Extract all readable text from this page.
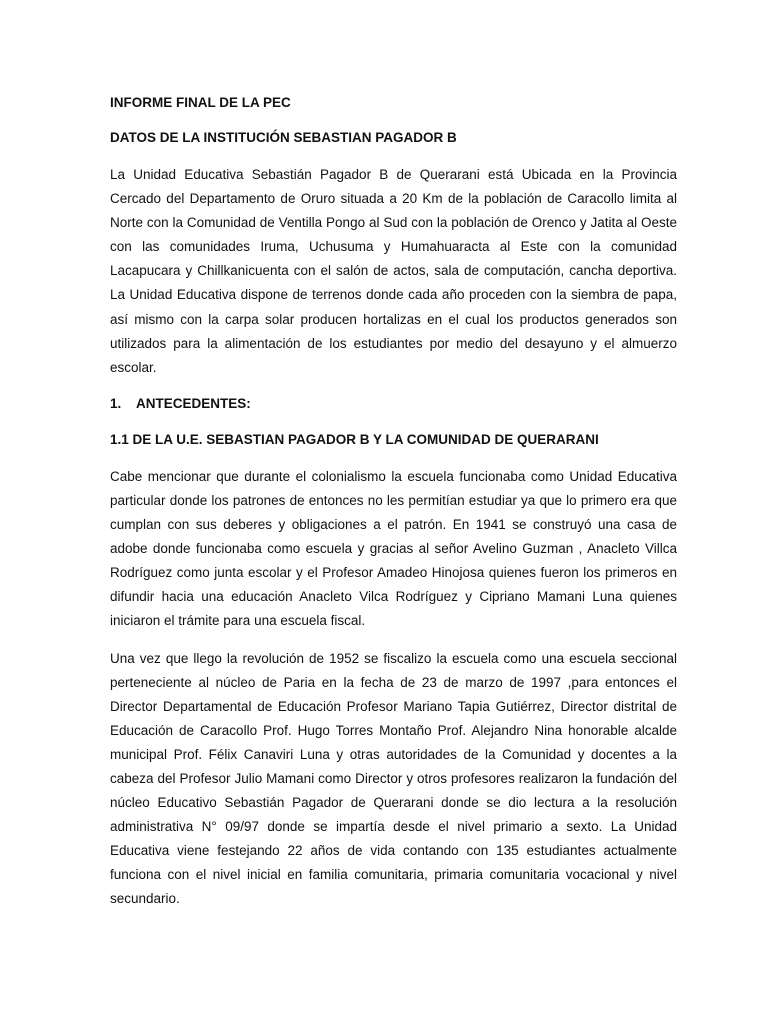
INFORME FINAL DE LA PEC
DATOS DE LA INSTITUCIÓN SEBASTIAN PAGADOR B

La Unidad Educativa Sebastián Pagador B de Querarani está Ubicada en la Provincia Cercado del Departamento de Oruro situada a 20 Km de la población de Caracollo limita al Norte con la Comunidad de Ventilla Pongo al Sud con la población de Orenco y Jatita al Oeste con las comunidades Iruma, Uchusuma y Humahuaracta al Este con la comunidad Lacapucara y Chillkanicuenta con el salón de actos, sala de computación, cancha deportiva. La Unidad Educativa dispone de terrenos donde cada año proceden con la siembra de papa, así mismo con la carpa solar producen hortalizas en el cual los productos generados son utilizados para la alimentación de los estudiantes por medio del desayuno y el almuerzo escolar.

1. ANTECEDENTES:
1.1 DE LA U.E. SEBASTIAN PAGADOR B Y LA COMUNIDAD DE QUERARANI

Cabe mencionar que durante el colonialismo la escuela funcionaba como Unidad Educativa particular donde los patrones de entonces no les permitían estudiar ya que lo primero era que cumplan con sus deberes y obligaciones a el patrón. En 1941 se construyó una casa de adobe donde funcionaba como escuela y gracias al señor Avelino Guzman , Anacleto Villca Rodríguez como junta escolar y el Profesor Amadeo Hinojosa quienes fueron los primeros en difundir hacia una educación Anacleto Vilca Rodríguez y Cipriano Mamani Luna quienes iniciaron el trámite para una escuela fiscal.

Una vez que llego la revolución de 1952 se fiscalizo la escuela como una escuela seccional perteneciente al núcleo de Paria en la fecha de 23 de marzo de 1997 ,para entonces el Director Departamental de Educación Profesor Mariano Tapia Gutiérrez, Director distrital de Educación de Caracollo Prof. Hugo Torres Montaño Prof. Alejandro Nina honorable alcalde municipal Prof. Félix Canaviri Luna y otras autoridades de la Comunidad y docentes a la cabeza del Profesor Julio Mamani como Director y otros profesores realizaron la fundación del núcleo Educativo Sebastián Pagador de Querarani donde se dio lectura a la resolución administrativa N° 09/97 donde se impartía desde el nivel primario a sexto. La Unidad Educativa viene festejando 22 años de vida contando con 135 estudiantes actualmente funciona con el nivel inicial en familia comunitaria, primaria comunitaria vocacional y nivel secundario.
